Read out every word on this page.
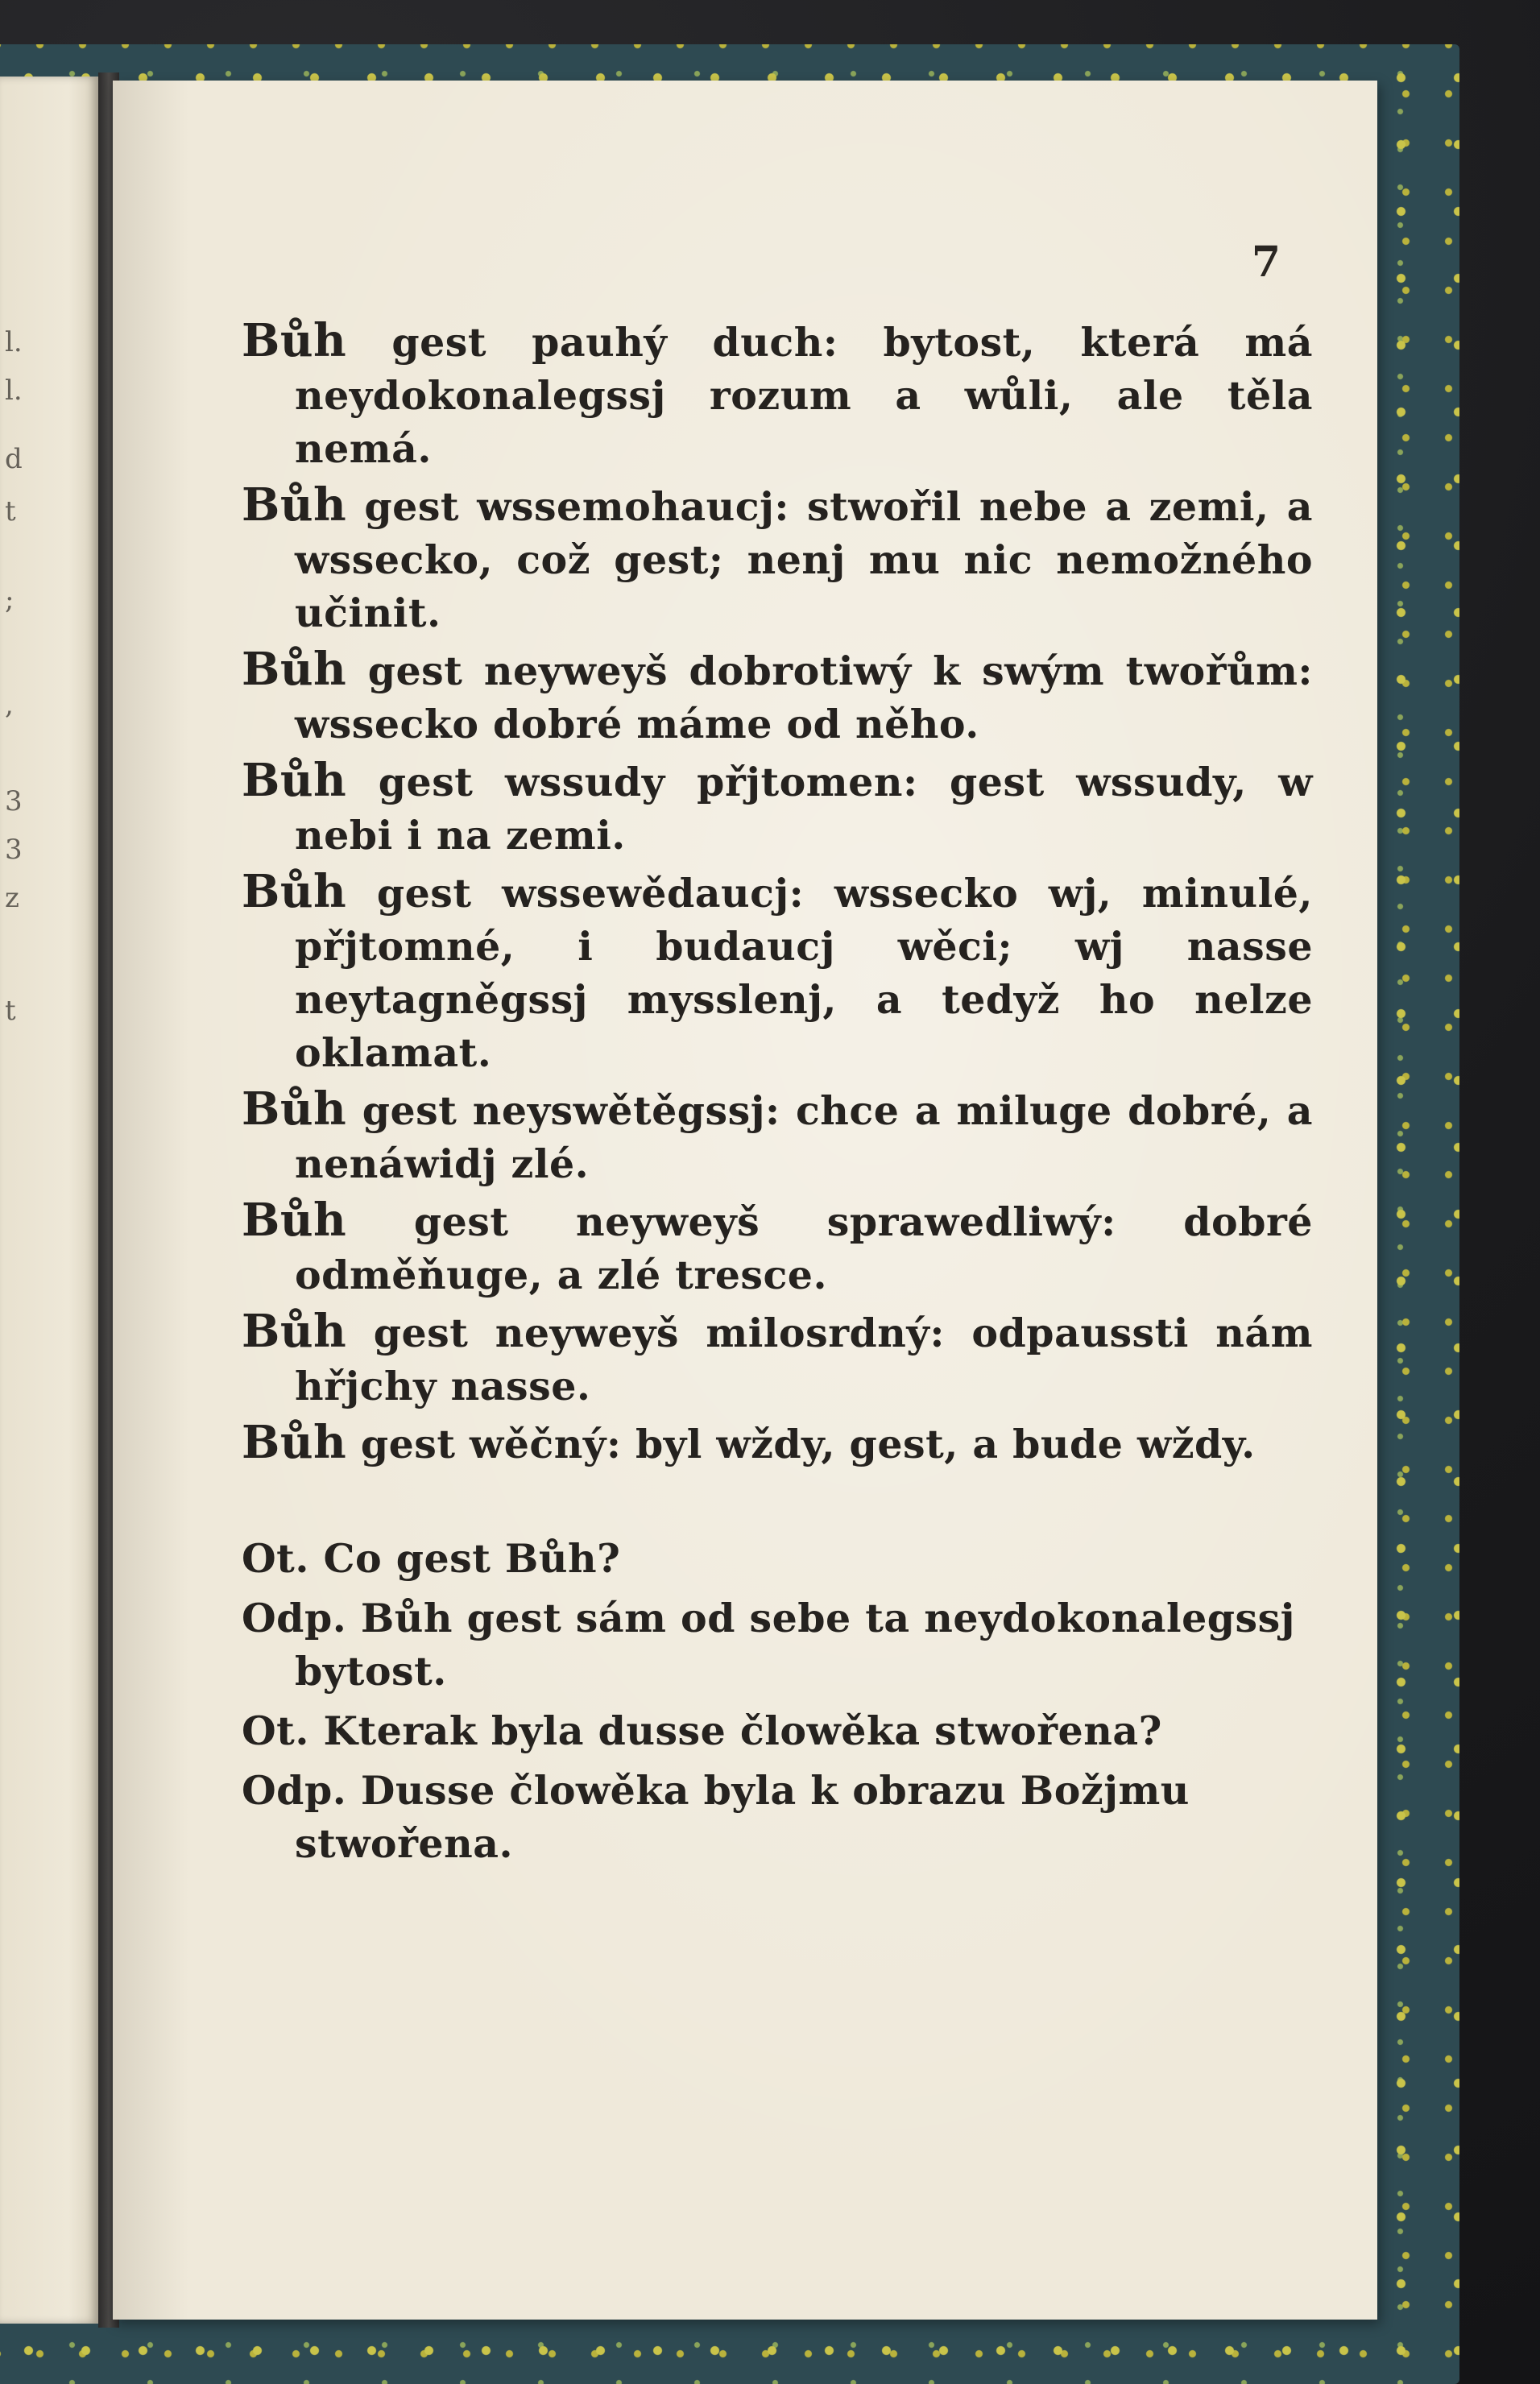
l.
l.
d
t
;
,
3
3
z
t
7

Bůh gest pauhý duch: bytost, která má neydokonalegssj rozum a wůli, ale těla nemá.

Bůh gest wssemohaucj: stwořil nebe a zemi, a wssecko, což gest; nenj mu nic nemožného učinit.

Bůh gest neyweyš dobrotiwý k swým twořům: wssecko dobré máme od něho.

Bůh gest wssudy přjtomen: gest wssudy, w nebi i na zemi.

Bůh gest wssewědaucj: wssecko wj, minulé, přjtomné, i budaucj wěci; wj nasse neytagněgssj mysslenj, a tedyž ho nelze oklamat.

Bůh gest neyswětěgssj: chce a miluge dobré, a nenáwidj zlé.

Bůh gest neyweyš sprawedliwý: dobré odměňuge, a zlé tresce.

Bůh gest neyweyš milosrdný: odpaussti nám hřjchy nasse.

Bůh gest wěčný: byl wždy, gest, a bude wždy.

Ot. Co gest Bůh?

Odp. Bůh gest sám od sebe ta neydokonalegssj bytost.

Ot. Kterak byla dusse člowěka stwořena?

Odp. Dusse člowěka byla k obrazu Božjmu stwořena.
